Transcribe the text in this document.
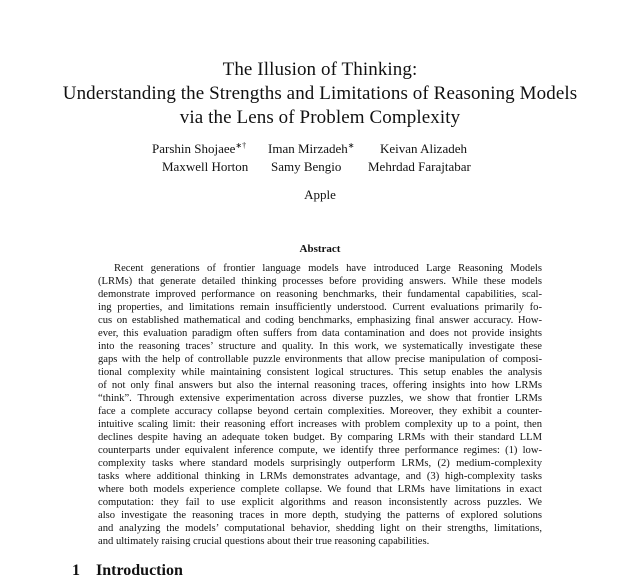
The Illusion of Thinking:
Understanding the Strengths and Limitations of Reasoning Models
via the Lens of Problem Complexity
Parshin Shojaee∗† Iman Mirzadeh∗ Keivan Alizadeh
Maxwell Horton Samy Bengio Mehrdad Farajtabar
Apple
Abstract
Recent generations of frontier language models have introduced Large Reasoning Models
(LRMs) that generate detailed thinking processes before providing answers. While these models
demonstrate improved performance on reasoning benchmarks, their fundamental capabilities, scal-
ing properties, and limitations remain insufficiently understood. Current evaluations primarily fo-
cus on established mathematical and coding benchmarks, emphasizing final answer accuracy. How-
ever, this evaluation paradigm often suffers from data contamination and does not provide insights
into the reasoning traces’ structure and quality. In this work, we systematically investigate these
gaps with the help of controllable puzzle environments that allow precise manipulation of composi-
tional complexity while maintaining consistent logical structures. This setup enables the analysis
of not only final answers but also the internal reasoning traces, offering insights into how LRMs
“think”. Through extensive experimentation across diverse puzzles, we show that frontier LRMs
face a complete accuracy collapse beyond certain complexities. Moreover, they exhibit a counter-
intuitive scaling limit: their reasoning effort increases with problem complexity up to a point, then
declines despite having an adequate token budget. By comparing LRMs with their standard LLM
counterparts under equivalent inference compute, we identify three performance regimes: (1) low-
complexity tasks where standard models surprisingly outperform LRMs, (2) medium-complexity
tasks where additional thinking in LRMs demonstrates advantage, and (3) high-complexity tasks
where both models experience complete collapse. We found that LRMs have limitations in exact
computation: they fail to use explicit algorithms and reason inconsistently across puzzles. We
also investigate the reasoning traces in more depth, studying the patterns of explored solutions
and analyzing the models’ computational behavior, shedding light on their strengths, limitations,
and ultimately raising crucial questions about their true reasoning capabilities.
1 Introduction
